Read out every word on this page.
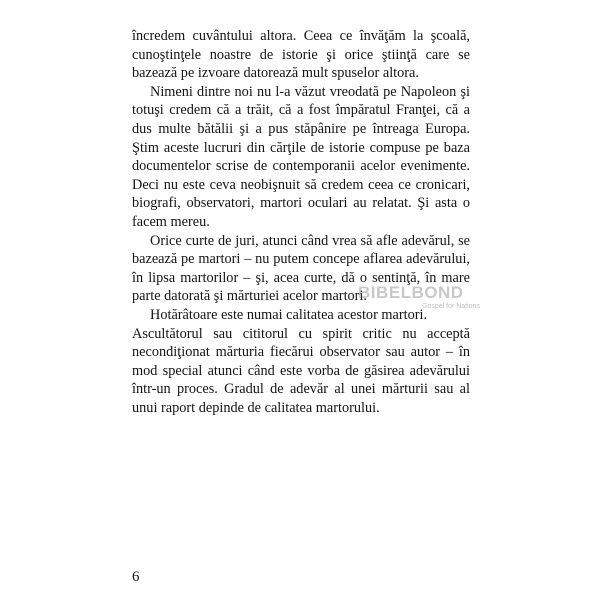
încredem cuvântului altora. Ceea ce învăţăm la şcoală, cunoştinţele noastre de istorie şi orice ştiinţă care se bazează pe izvoare datorează mult spuselor altora.

Nimeni dintre noi nu l-a văzut vreodată pe Napoleon şi totuşi credem că a trăit, că a fost împăratul Franţei, că a dus multe bătălii şi a pus stăpânire pe întreaga Europa. Ştim aceste lucruri din cărţile de istorie compuse pe baza documentelor scrise de contemporanii acelor evenimente. Deci nu este ceva neobişnuit să credem ceea ce cronicari, biografi, observatori, martori oculari au relatat. Şi asta o facem mereu.

Orice curte de juri, atunci când vrea să afle adevărul, se bazează pe martori – nu putem concepe aflarea adevărului, în lipsa martorilor – şi, acea curte, dă o sentinţă, în mare parte datorată şi mărturiei acelor martori.

Hotărâtoare este numai calitatea acestor martori.

Ascultătorul sau cititorul cu spirit critic nu acceptă necondiţionat mărturia fiecărui observator sau autor – în mod special atunci când este vorba de găsirea adevărului într-un proces. Gradul de adevăr al unei mărturii sau al unui raport depinde de calitatea martorului.

BIBELBOND
Gospel for Nations
6
